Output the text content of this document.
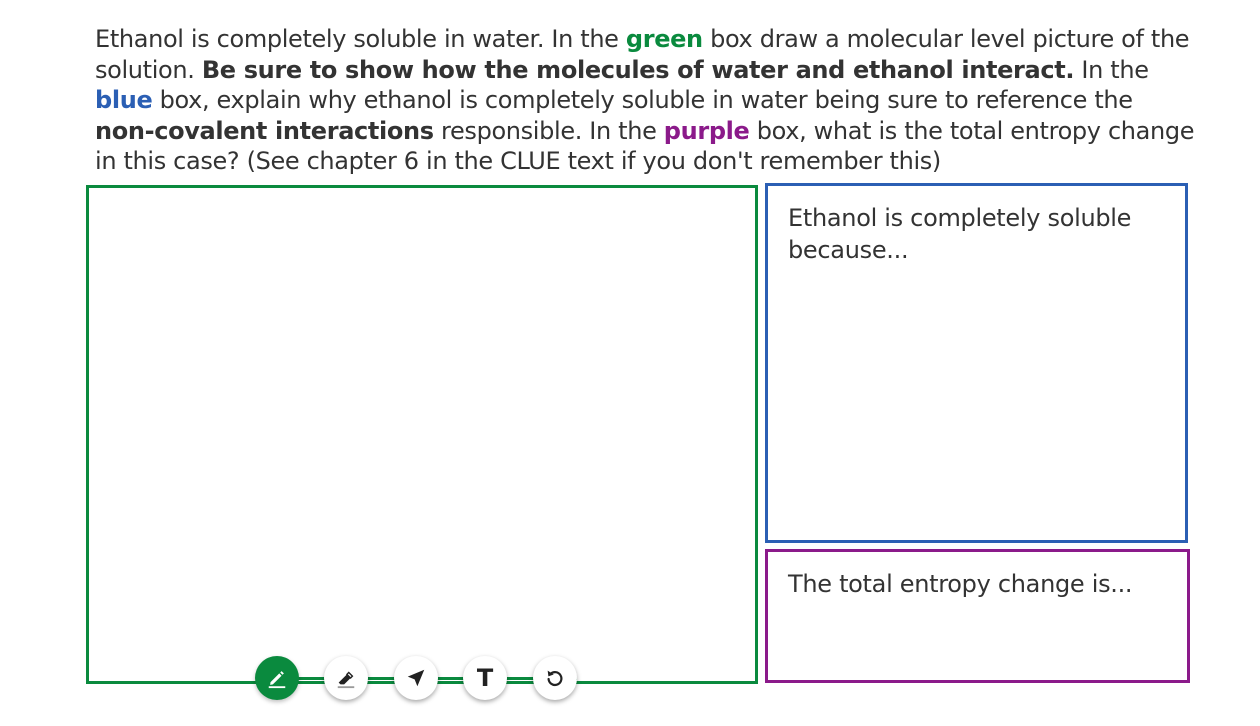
Ethanol is completely soluble in water. In the green box draw a molecular level picture of the solution. Be sure to show how the molecules of water and ethanol interact. In the blue box, explain why ethanol is completely soluble in water being sure to reference the non-covalent interactions responsible. In the purple box, what is the total entropy change in this case? (See chapter 6 in the CLUE text if you don't remember this)
Ethanol is completely soluble because...
The total entropy change is...
T
